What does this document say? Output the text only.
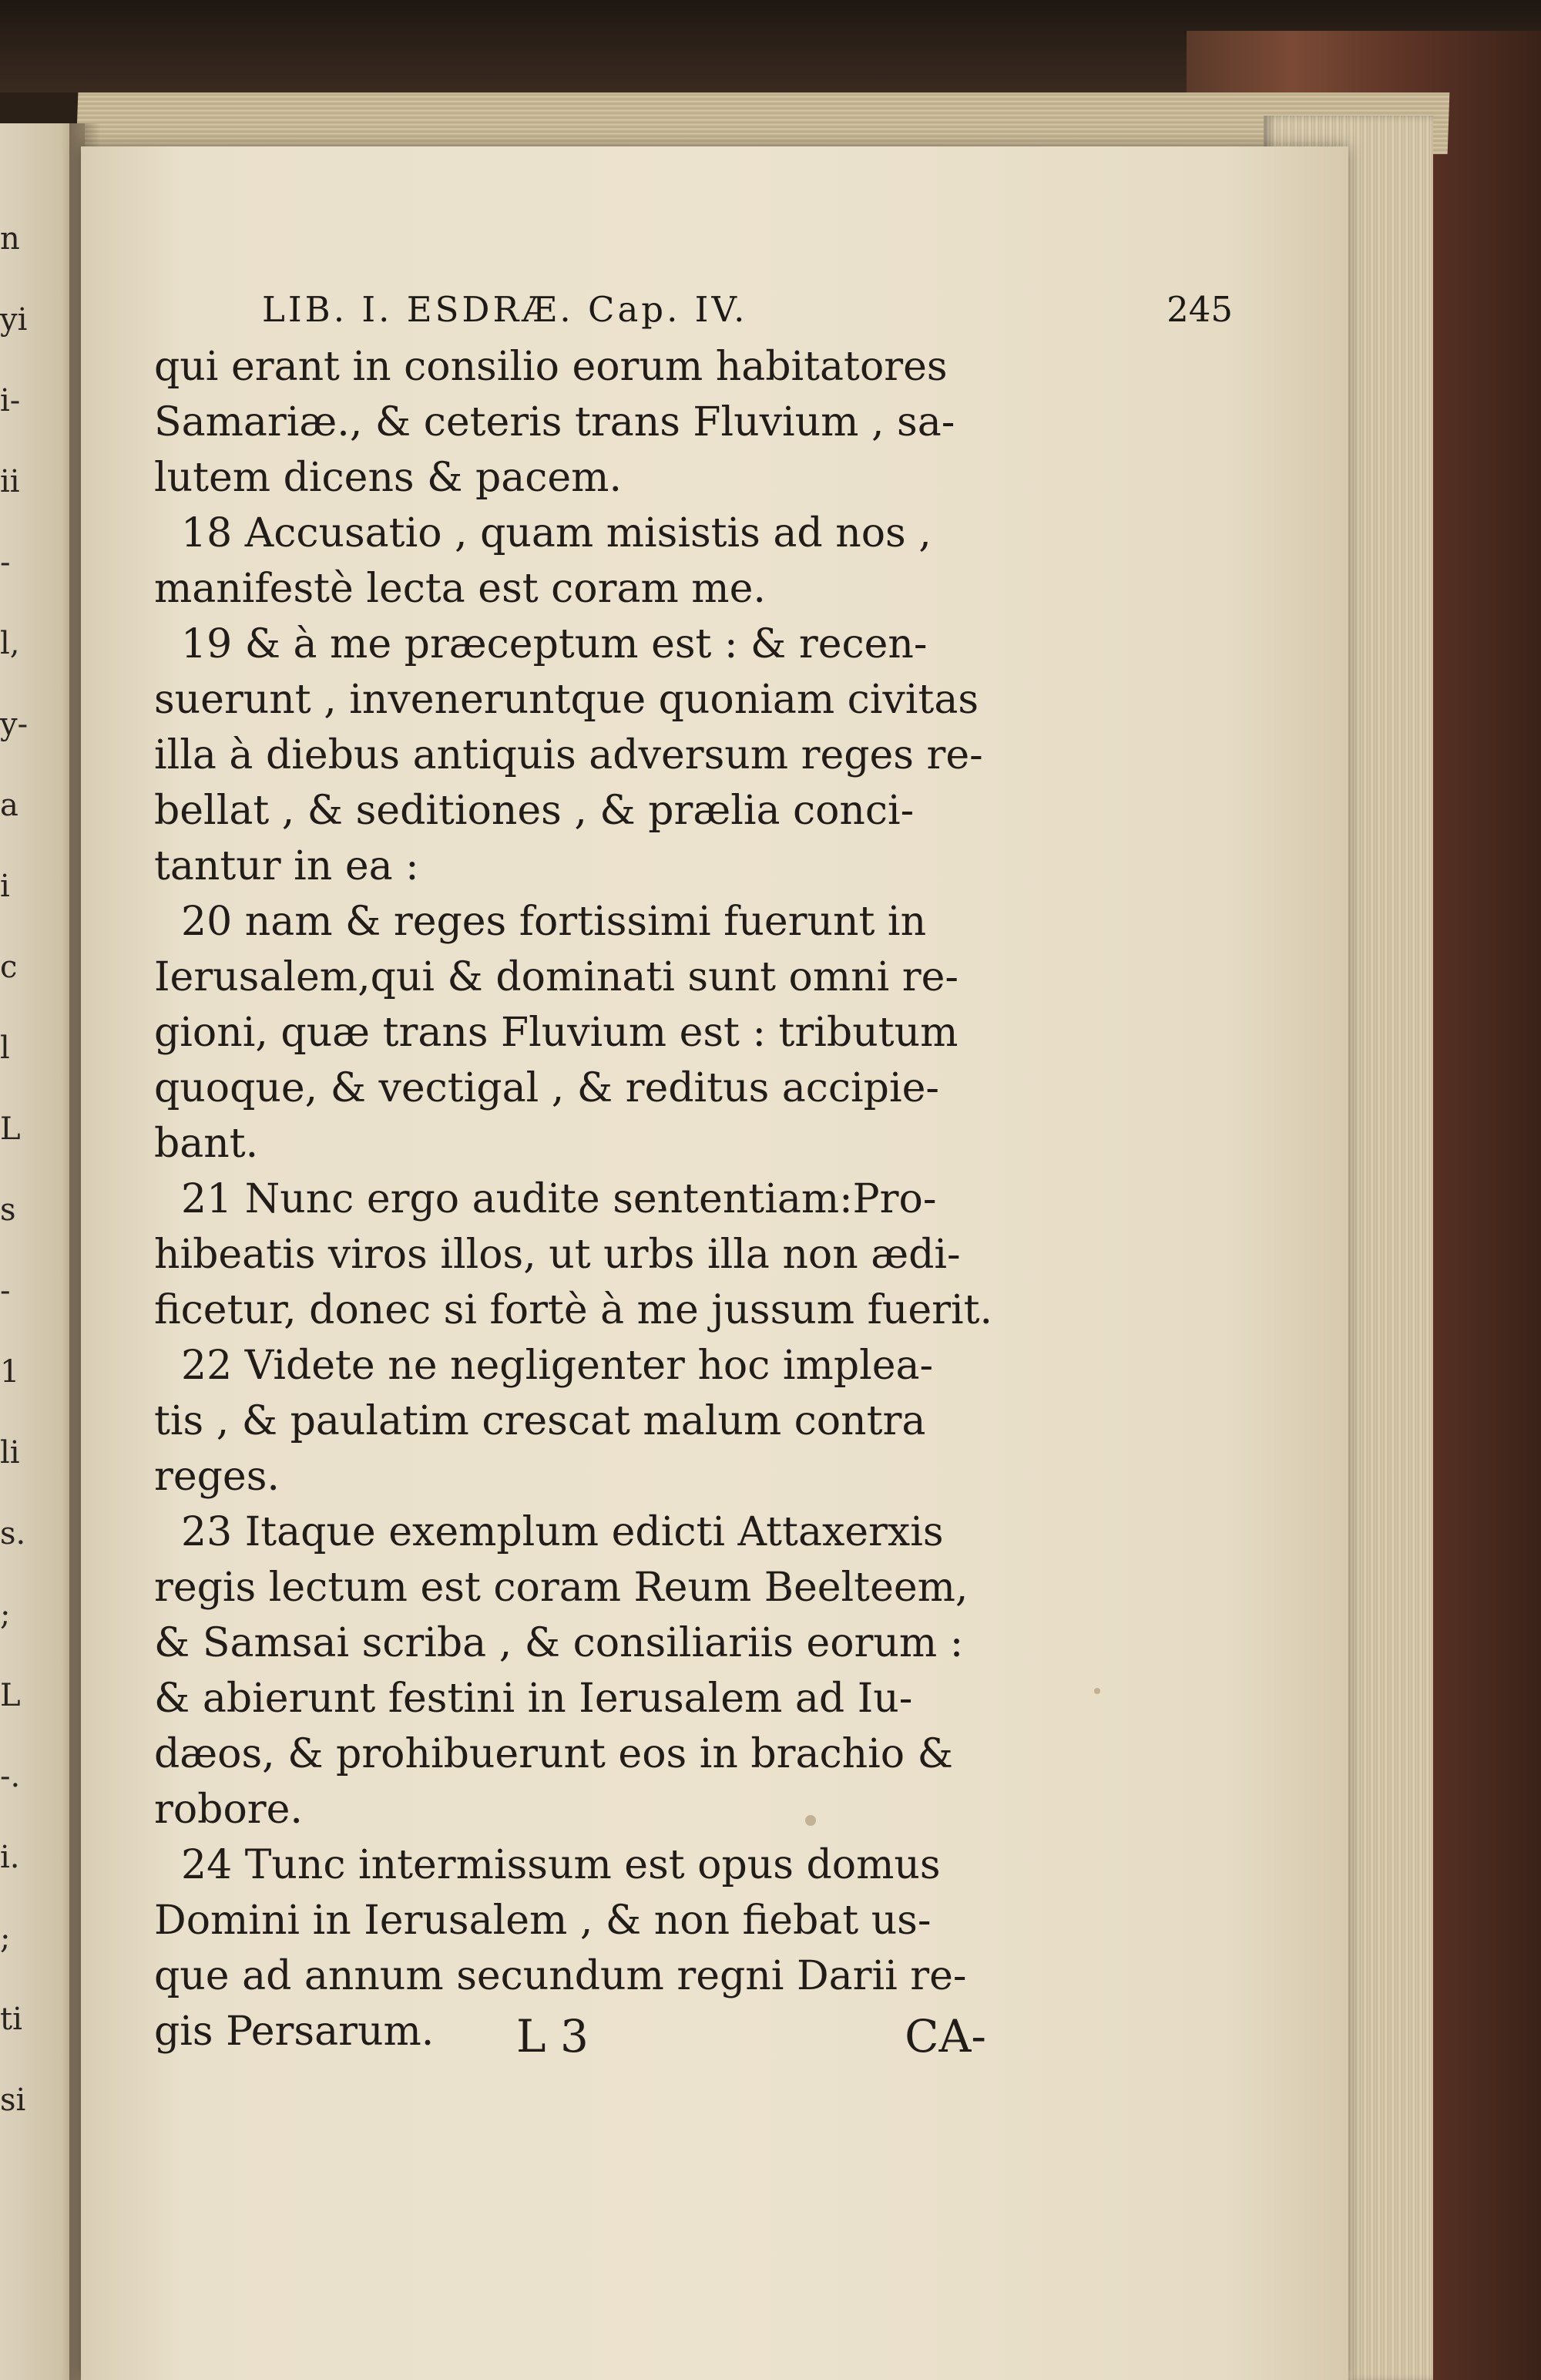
n
yi
i-
ii
-
l,
y-
a
i
c
l
L
s
-
1
li
s.
;
L
-.
i.
;
ti
si
LIB. I. ESDRÆ. Cap. IV.	245
qui erant in consilio eorum habitatores
Samariæ., & ceteris trans Fluvium , sa-
lutem dicens & pacem.
18 Accusatio , quam misistis ad nos ,
manifestè lecta est coram me.
19 & à me præceptum est : & recen-
suerunt , inveneruntque quoniam civitas
illa à diebus antiquis adversum reges re-
bellat , & seditiones , & prælia conci-
tantur in ea :
20 nam & reges fortissimi fuerunt in
Ierusalem,qui & dominati sunt omni re-
gioni, quæ trans Fluvium est : tributum
quoque, & vectigal , & reditus accipie-
bant.
21 Nunc ergo audite sententiam:Pro-
hibeatis viros illos, ut urbs illa non ædi-
ficetur, donec si fortè à me jussum fuerit.
22 Videte ne negligenter hoc implea-
tis , & paulatim crescat malum contra
reges.
23 Itaque exemplum edicti Attaxerxis
regis lectum est coram Reum Beelteem,
& Samsai scriba , & consiliariis eorum :
& abierunt festini in Ierusalem ad Iu-
dæos, & prohibuerunt eos in brachio &
robore.
24 Tunc intermissum est opus domus
Domini in Ierusalem , & non fiebat us-
que ad annum secundum regni Darii re-
gis Persarum.	L 3	CA-
